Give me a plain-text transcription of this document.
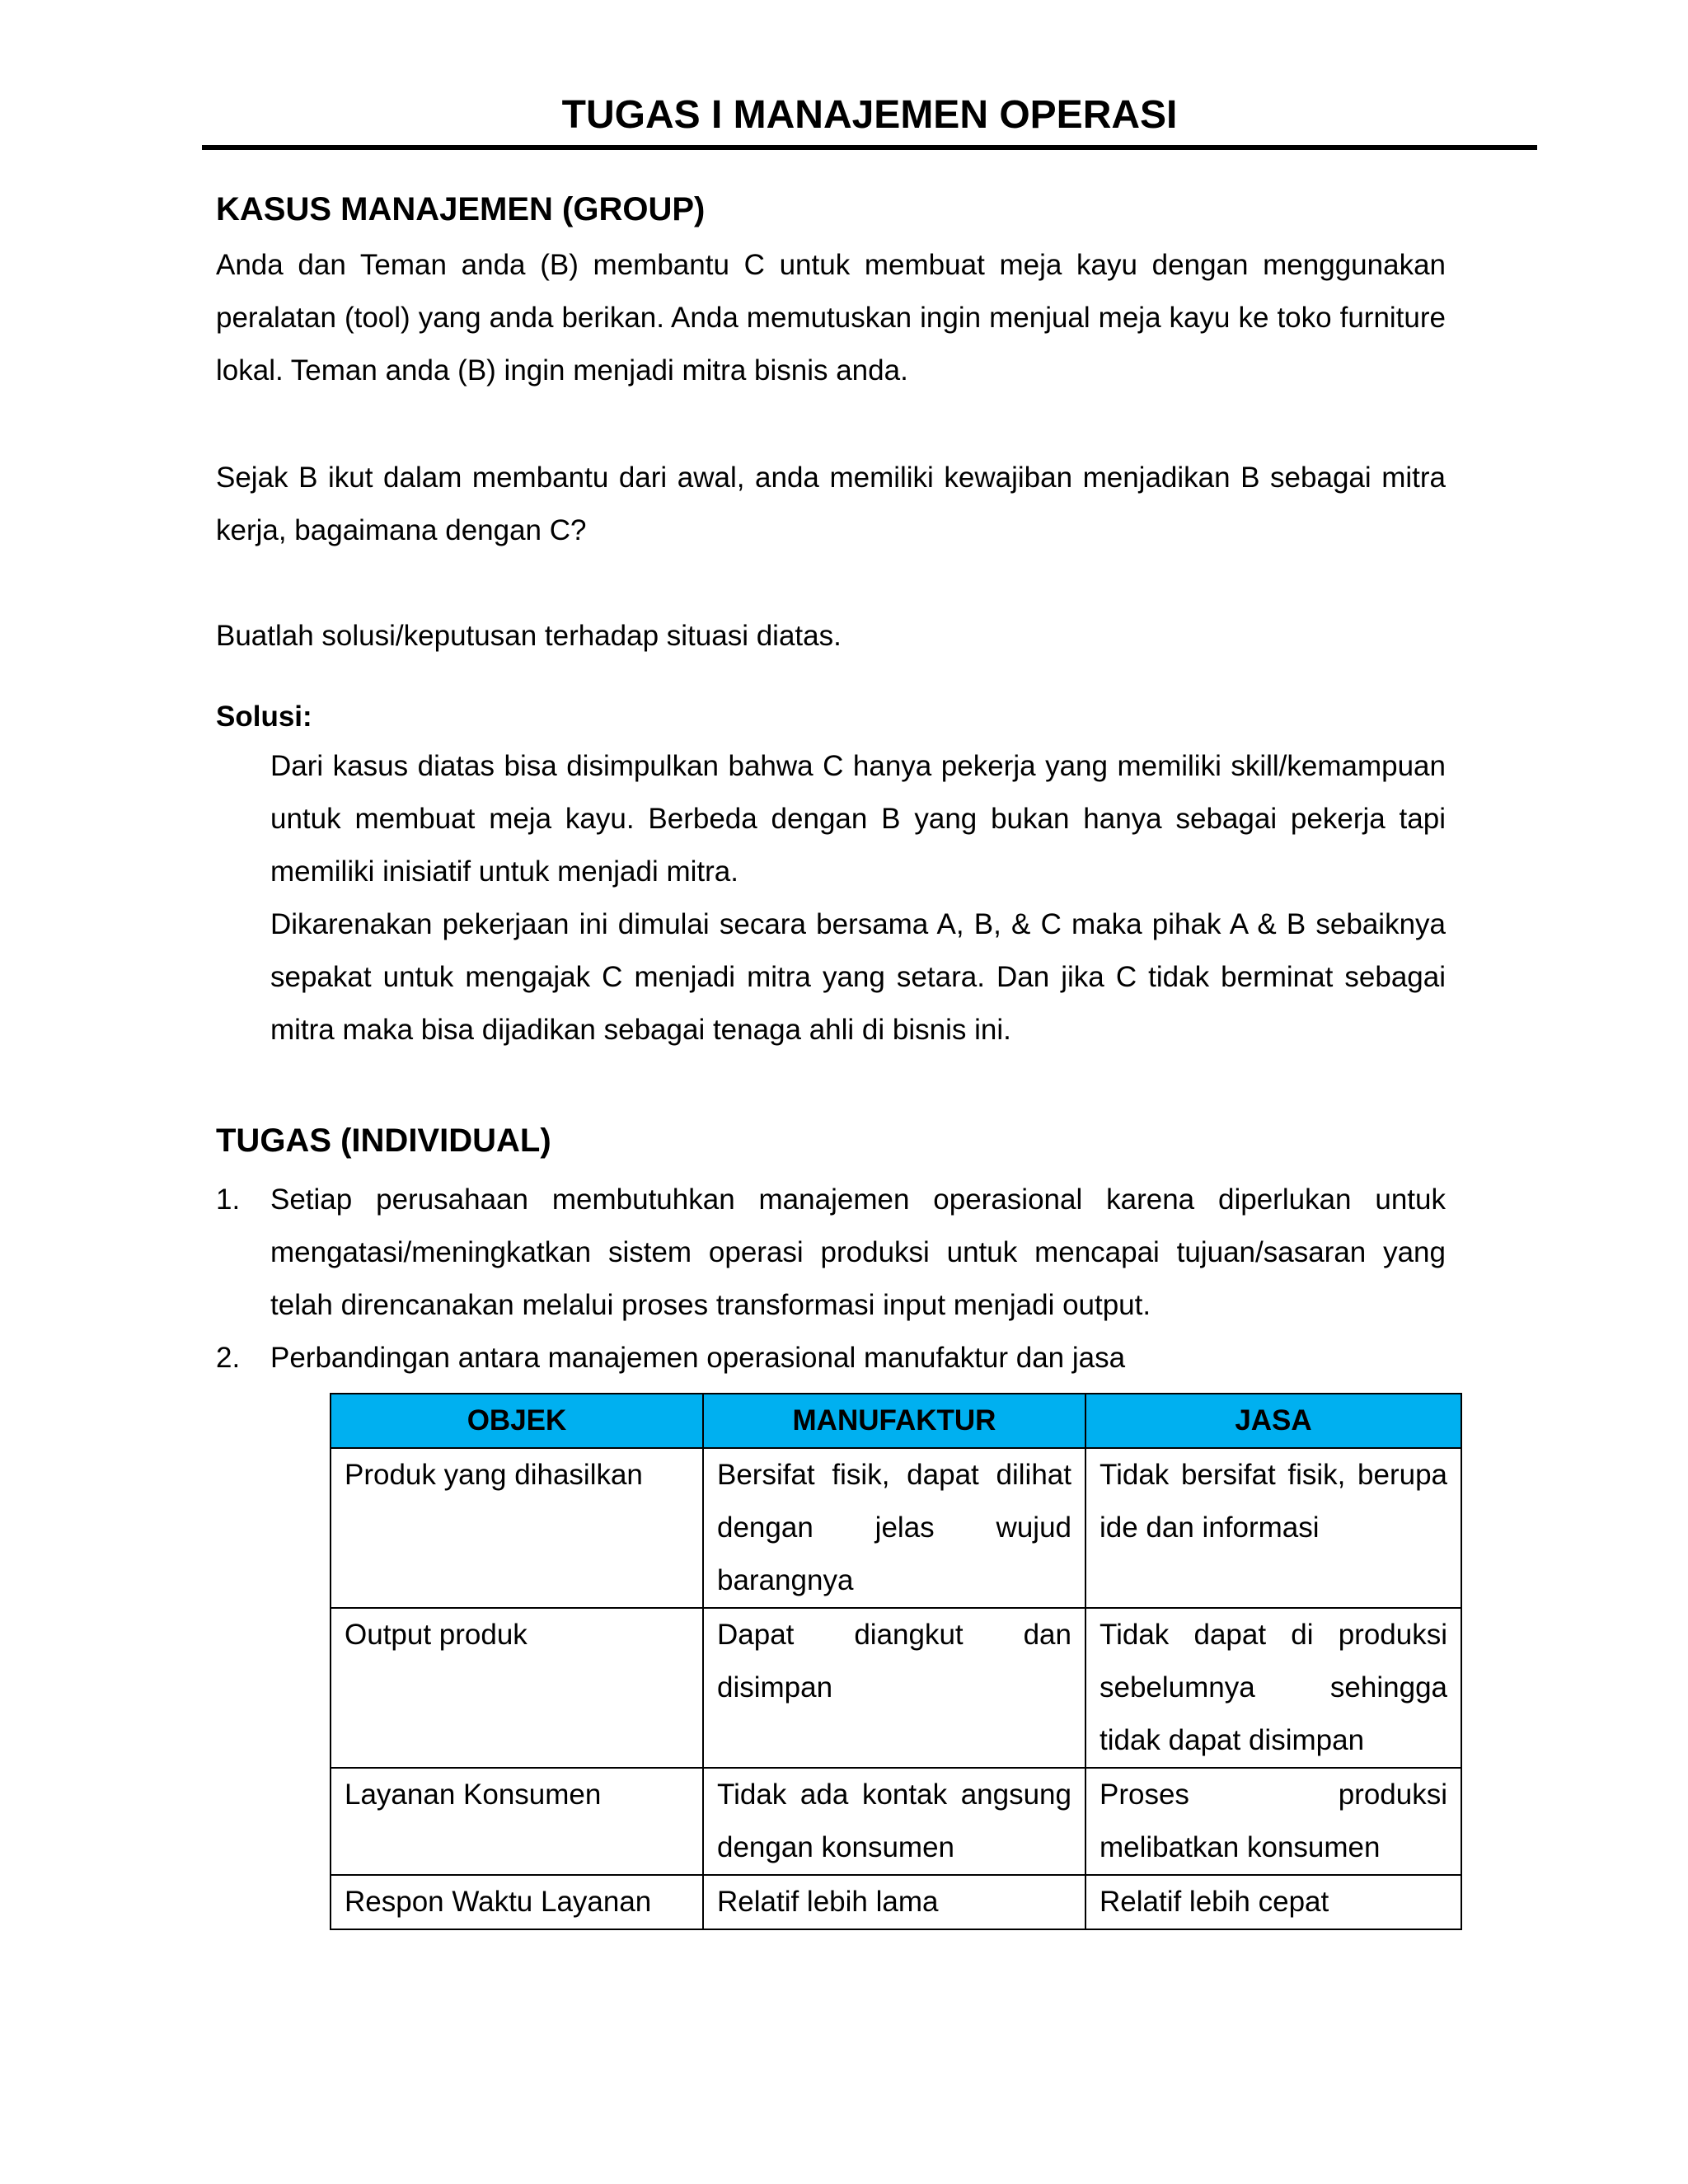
TUGAS I MANAJEMEN OPERASI
KASUS MANAJEMEN (GROUP)

Anda dan Teman anda (B) membantu C untuk membuat meja kayu dengan menggunakan peralatan (tool) yang anda berikan. Anda memutuskan ingin menjual meja kayu ke toko furniture lokal. Teman anda (B) ingin menjadi mitra bisnis anda.

Sejak B ikut dalam membantu dari awal, anda memiliki kewajiban menjadikan B sebagai mitra kerja, bagaimana dengan C?

Buatlah solusi/keputusan terhadap situasi diatas.

Solusi:

Dari kasus diatas bisa disimpulkan bahwa C hanya pekerja yang memiliki skill/kemampuan untuk membuat meja kayu. Berbeda dengan B yang bukan hanya sebagai pekerja tapi memiliki inisiatif untuk menjadi mitra.

Dikarenakan pekerjaan ini dimulai secara bersama A, B, & C maka pihak A & B sebaiknya sepakat untuk mengajak C menjadi mitra yang setara. Dan jika C tidak berminat sebagai mitra maka bisa dijadikan sebagai tenaga ahli di bisnis ini.

TUGAS (INDIVIDUAL)
1.	Setiap perusahaan membutuhkan manajemen operasional karena diperlukan untuk mengatasi/meningkatkan sistem operasi produksi untuk mencapai tujuan/sasaran yang telah direncanakan melalui proses transformasi input menjadi output.

2.	Perbandingan antara manajemen operasional manufaktur dan jasa

OBJEK	MANUFAKTUR	JASA
Produk yang dihasilkan	Bersifat fisik, dapat dilihat dengan jelas wujud barangnya	Tidak bersifat fisik, berupa ide dan informasi
Output produk	Dapat diangkut dan disimpan	Tidak dapat di produksi sebelumnya sehingga tidak dapat disimpan
Layanan Konsumen	Tidak ada kontak angsung dengan konsumen	Proses produksi melibatkan konsumen
Respon Waktu Layanan	Relatif lebih lama	Relatif lebih cepat
